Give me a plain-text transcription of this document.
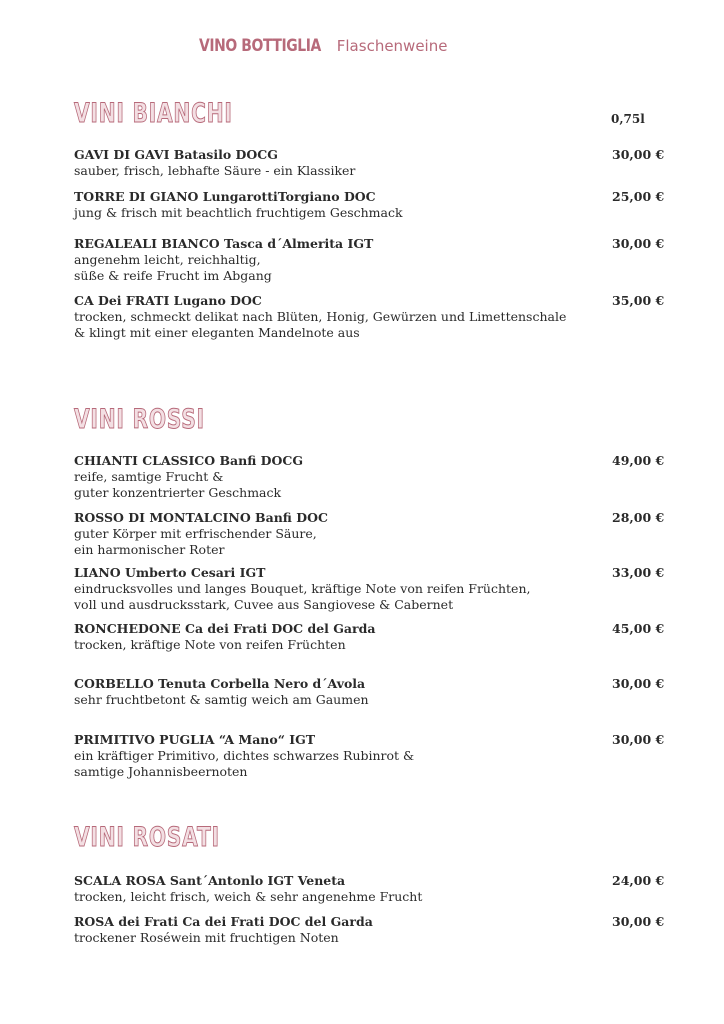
VINO BOTTIGLIA Flaschenweine
VINI BIANCHI	0,75l
GAVI DI GAVI Batasilo DOCG
sauber, frisch, lebhafte Säure - ein Klassiker
30,00 €
TORRE DI GIANO LungarottiTorgiano DOC
jung & frisch mit beachtlich fruchtigem Geschmack
25,00 €
REGALEALI BIANCO Tasca d´Almerita IGT
angenehm leicht, reichhaltig,
süße & reife Frucht im Abgang
30,00 €
CA Dei FRATI Lugano DOC
trocken, schmeckt delikat nach Blüten, Honig, Gewürzen und Limettenschale
& klingt mit einer eleganten Mandelnote aus
35,00 €
VINI ROSSI
CHIANTI CLASSICO Banfi DOCG
reife, samtige Frucht &
guter konzentrierter Geschmack
49,00 €
ROSSO DI MONTALCINO Banfi DOC
guter Körper mit erfrischender Säure,
ein harmonischer Roter
28,00 €
LIANO Umberto Cesari IGT
eindrucksvolles und langes Bouquet, kräftige Note von reifen Früchten,
voll und ausdrucksstark, Cuvee aus Sangiovese & Cabernet
33,00 €
RONCHEDONE Ca dei Frati DOC del Garda
trocken, kräftige Note von reifen Früchten
45,00 €
CORBELLO Tenuta Corbella Nero d´Avola
sehr fruchtbetont & samtig weich am Gaumen
30,00 €
PRIMITIVO PUGLIA “A Mano“ IGT
ein kräftiger Primitivo, dichtes schwarzes Rubinrot &
samtige Johannisbeernoten
30,00 €
VINI ROSATI
SCALA ROSA Sant´Antonlo IGT Veneta
trocken, leicht frisch, weich & sehr angenehme Frucht
24,00 €
ROSA dei Frati Ca dei Frati DOC del Garda
trockener Roséwein mit fruchtigen Noten
30,00 €
